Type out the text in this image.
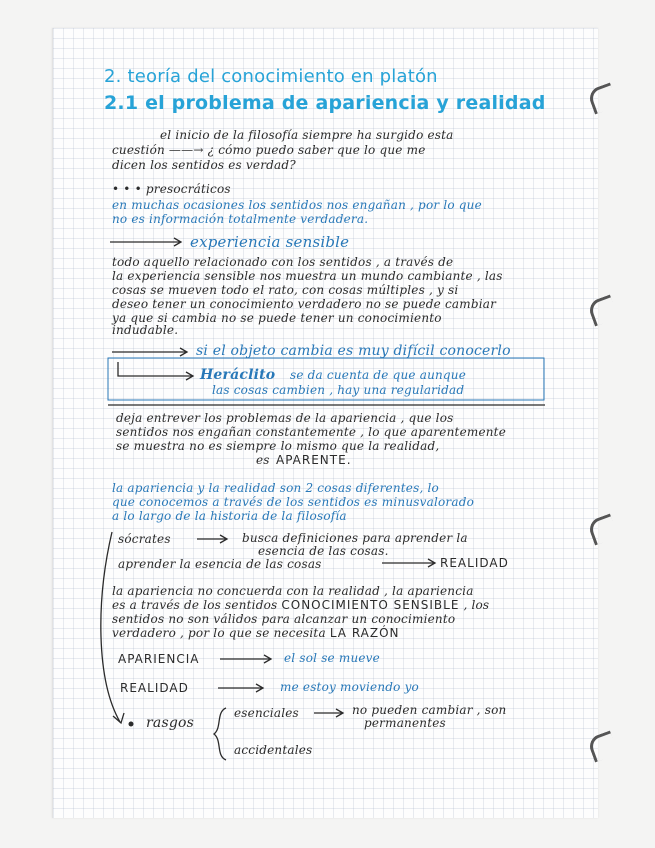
2. teoría del conocimiento en platón
2.1 el problema de apariencia y realidad
el inicio de la filosofía siempre ha surgido esta
cuestión ——→ ¿ cómo puedo saber que lo que me
dicen los sentidos es verdad?
• • • presocráticos
en muchas ocasiones los sentidos nos engañan , por lo que
no es información totalmente verdadera.
experiencia sensible
todo aquello relacionado con los sentidos , a través de
la experiencia sensible nos muestra un mundo cambiante , las
cosas se mueven todo el rato, con cosas múltiples , y si
deseo tener un conocimiento verdadero no se puede cambiar
ya que si cambia no se puede tener un conocimiento
indudable.
si el objeto cambia es muy difícil conocerlo
Heráclito se da cuenta de que aunque
las cosas cambien , hay una regularidad
deja entrever los problemas de la apariencia , que los
sentidos nos engañan constantemente , lo que aparentemente
se muestra no es siempre lo mismo que la realidad,
es APARENTE.
la apariencia y la realidad son 2 cosas diferentes, lo
que conocemos a través de los sentidos es minusvalorado
a lo largo de la historia de la filosofía
sócrates	busca definiciones para aprender la
esencia de las cosas.
aprender la esencia de las cosas	REALIDAD
la apariencia no concuerda con la realidad , la apariencia
es a través de los sentidos CONOCIMIENTO SENSIBLE , los
sentidos no son válidos para alcanzar un conocimiento
verdadero , por lo que se necesita LA RAZÓN
APARIENCIA	el sol se mueve
REALIDAD	me estoy moviendo yo
rasgos
esenciales	no pueden cambiar , son
permanentes
accidentales
